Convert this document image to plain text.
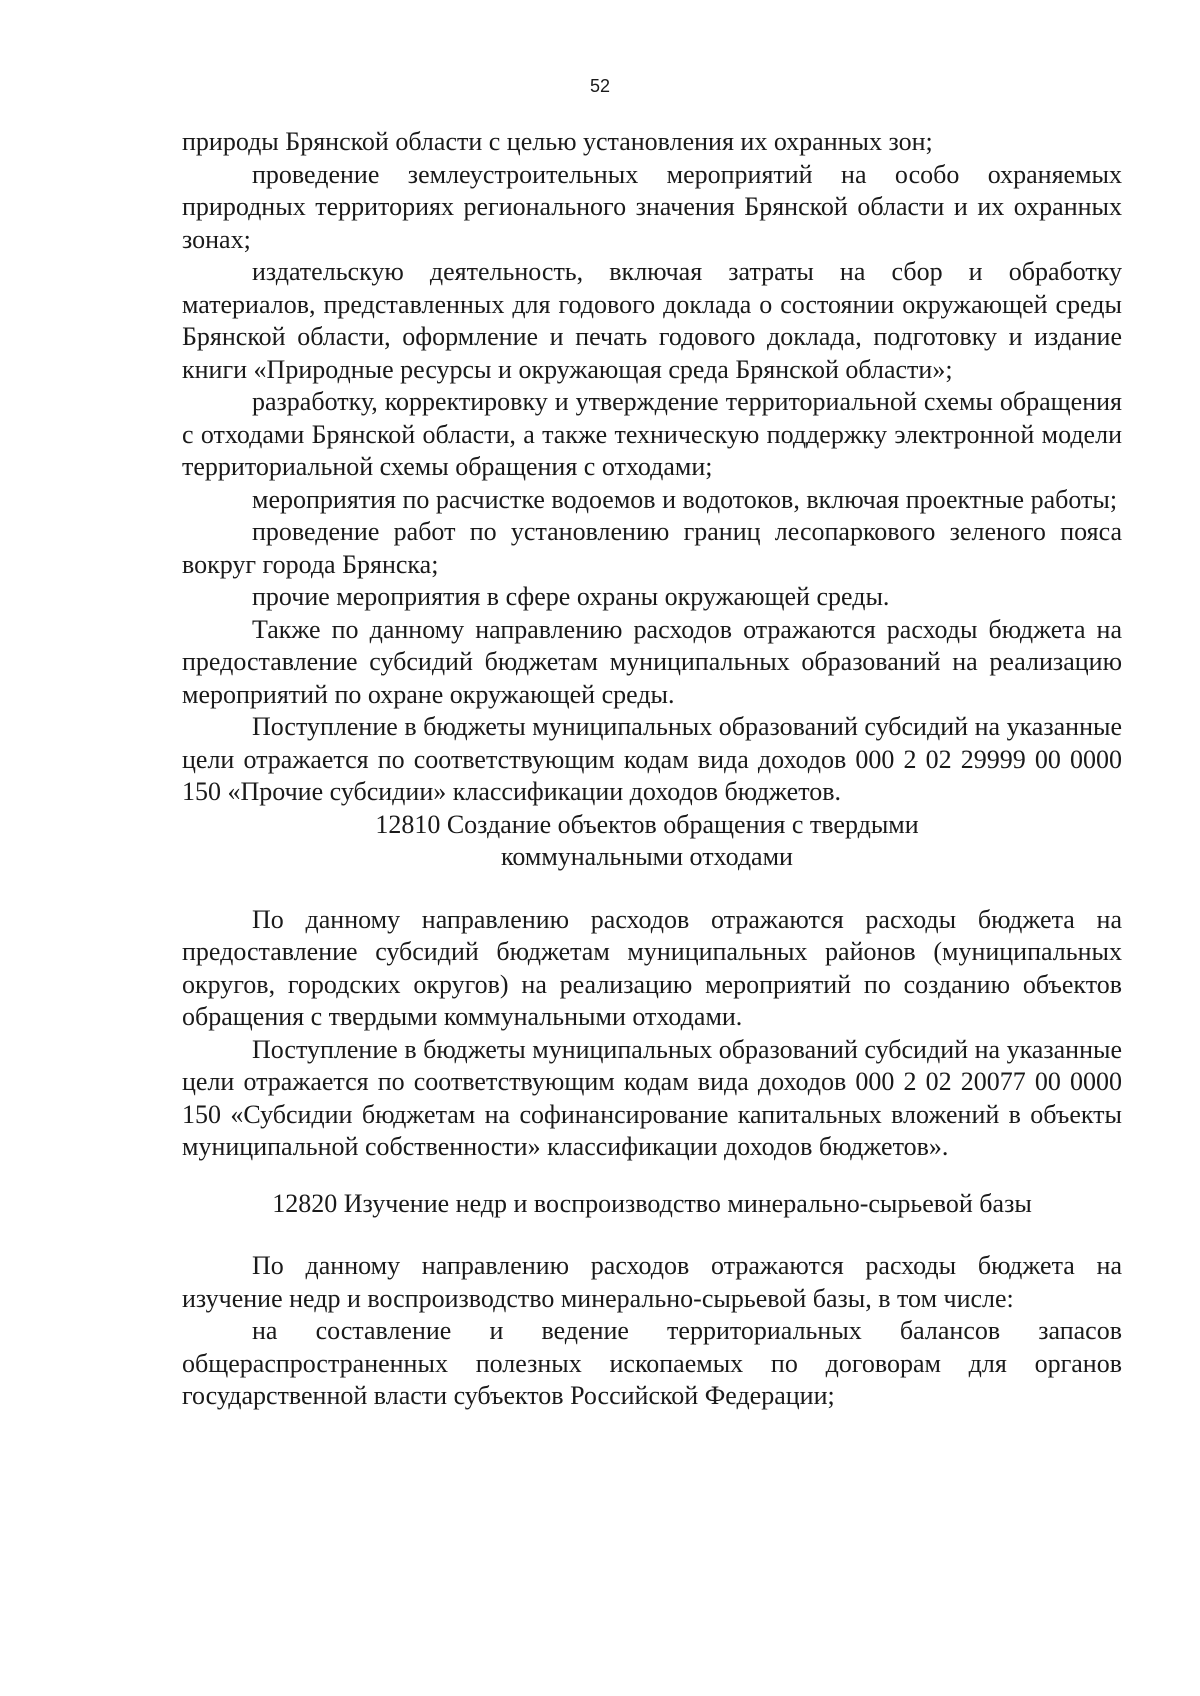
52

природы Брянской области с целью установления их охранных зон;

проведение землеустроительных мероприятий на особо охраняемых природных территориях регионального значения Брянской области и их охранных зонах;

издательскую деятельность, включая затраты на сбор и обработку материалов, представленных для годового доклада о состоянии окружающей среды Брянской области, оформление и печать годового доклада, подготовку и издание книги «Природные ресурсы и окружающая среда Брянской области»;

разработку, корректировку и утверждение территориальной схемы обращения с отходами Брянской области, а также техническую поддержку электронной модели территориальной схемы обращения с отходами;

мероприятия по расчистке водоемов и водотоков, включая проектные работы;

проведение работ по установлению границ лесопаркового зеленого пояса вокруг города Брянска;

прочие мероприятия в сфере охраны окружающей среды.

Также по данному направлению расходов отражаются расходы бюджета на предоставление субсидий бюджетам муниципальных образований на реализацию мероприятий по охране окружающей среды.

Поступление в бюджеты муниципальных образований субсидий на указанные цели отражается по соответствующим кодам вида доходов 000 2 02 29999 00 0000 150 «Прочие субсидии» классификации доходов бюджетов.

12810 Создание объектов обращения с твердыми коммунальными отходами

По данному направлению расходов отражаются расходы бюджета на предоставление субсидий бюджетам муниципальных районов (муниципальных округов, городских округов) на реализацию мероприятий по созданию объектов обращения с твердыми коммунальными отходами.

Поступление в бюджеты муниципальных образований субсидий на указанные цели отражается по соответствующим кодам вида доходов 000 2 02 20077 00 0000 150 «Субсидии бюджетам на софинансирование капитальных вложений в объекты муниципальной собственности» классификации доходов бюджетов».

12820 Изучение недр и воспроизводство минерально-сырьевой базы

По данному направлению расходов отражаются расходы бюджета на изучение недр и воспроизводство минерально-сырьевой базы, в том числе:

на составление и ведение территориальных балансов запасов общераспространенных полезных ископаемых по договорам для органов государственной власти субъектов Российской Федерации;
